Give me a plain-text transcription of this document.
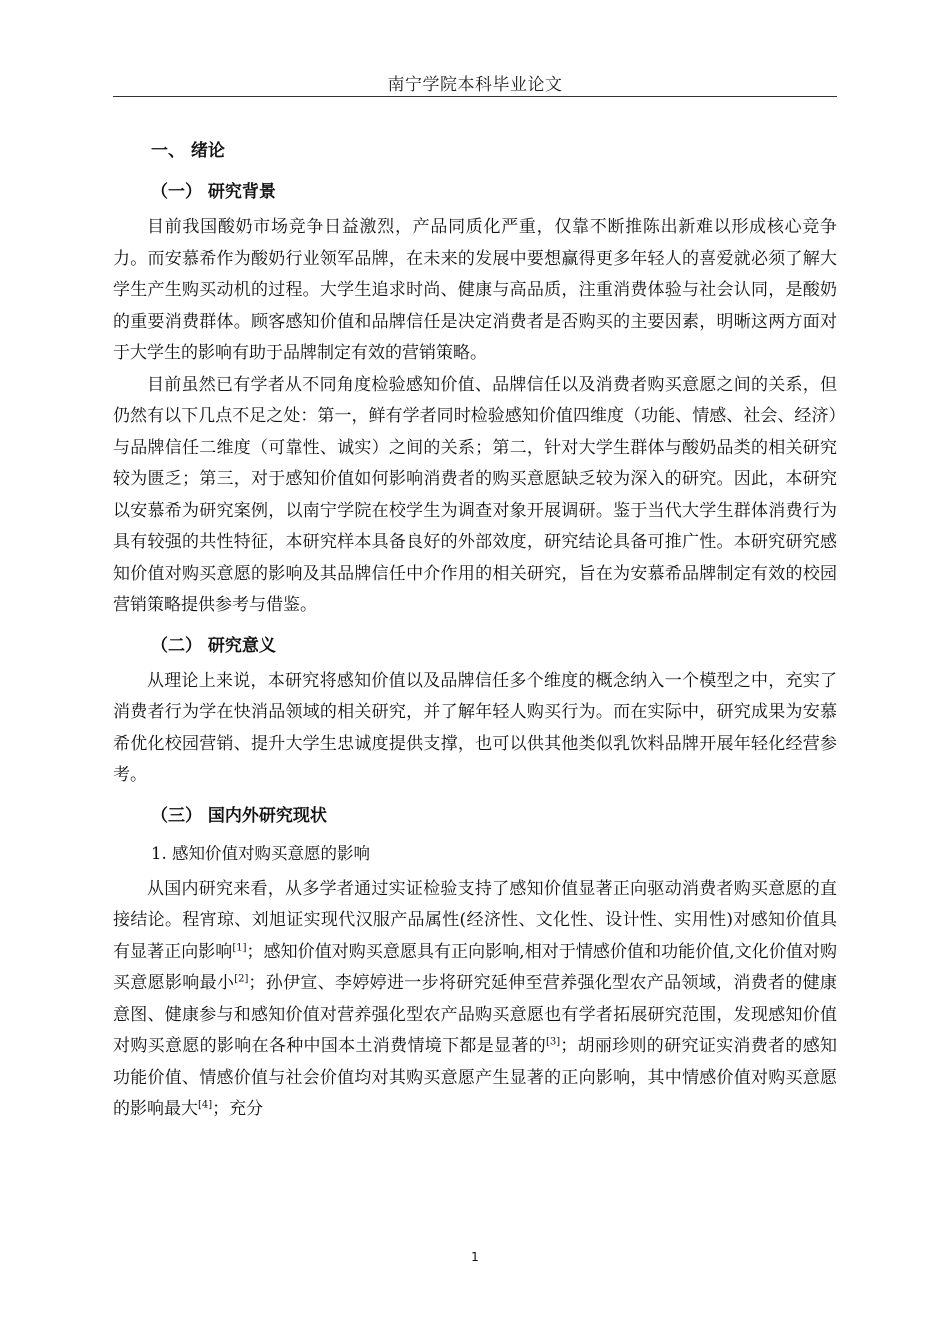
南宁学院本科毕业论文
一、 绪论
（一） 研究背景

目前我国酸奶市场竞争日益激烈，产品同质化严重，仅靠不断推陈出新难以形成核心竞争力。而安慕希作为酸奶行业领军品牌，在未来的发展中要想赢得更多年轻人的喜爱就必须了解大学生产生购买动机的过程。大学生追求时尚、健康与高品质，注重消费体验与社会认同，是酸奶的重要消费群体。顾客感知价值和品牌信任是决定消费者是否购买的主要因素，明晰这两方面对于大学生的影响有助于品牌制定有效的营销策略。

目前虽然已有学者从不同角度检验感知价值、品牌信任以及消费者购买意愿之间的关系，但仍然有以下几点不足之处：第一，鲜有学者同时检验感知价值四维度（功能、情感、社会、经济）与品牌信任二维度（可靠性、诚实）之间的关系；第二，针对大学生群体与酸奶品类的相关研究较为匮乏；第三，对于感知价值如何影响消费者的购买意愿缺乏较为深入的研究。因此，本研究以安慕希为研究案例，以南宁学院在校学生为调查对象开展调研。鉴于当代大学生群体消费行为具有较强的共性特征，本研究样本具备良好的外部效度，研究结论具备可推广性。本研究研究感知价值对购买意愿的影响及其品牌信任中介作用的相关研究，旨在为安慕希品牌制定有效的校园营销策略提供参考与借鉴。

（二） 研究意义

从理论上来说，本研究将感知价值以及品牌信任多个维度的概念纳入一个模型之中，充实了消费者行为学在快消品领域的相关研究，并了解年轻人购买行为。而在实际中，研究成果为安慕希优化校园营销、提升大学生忠诚度提供支撑，也可以供其他类似乳饮料品牌开展年轻化经营参考。

（三） 国内外研究现状
1. 感知价值对购买意愿的影响

从国内研究来看，从多学者通过实证检验支持了感知价值显著正向驱动消费者购买意愿的直接结论。程宵琼、刘旭证实现代汉服产品属性(经济性、文化性、设计性、实用性)对感知价值具有显著正向影响[1]；感知价值对购买意愿具有正向影响,相对于情感价值和功能价值,文化价值对购买意愿影响最小[2]；孙伊宣、李婷婷进一步将研究延伸至营养强化型农产品领域，消费者的健康意图、健康参与和感知价值对营养强化型农产品购买意愿也有学者拓展研究范围，发现感知价值对购买意愿的影响在各种中国本土消费情境下都是显著的[3]；胡丽珍则的研究证实消费者的感知功能价值、情感价值与社会价值均对其购买意愿产生显著的正向影响，其中情感价值对购买意愿的影响最大[4]；充分

1
